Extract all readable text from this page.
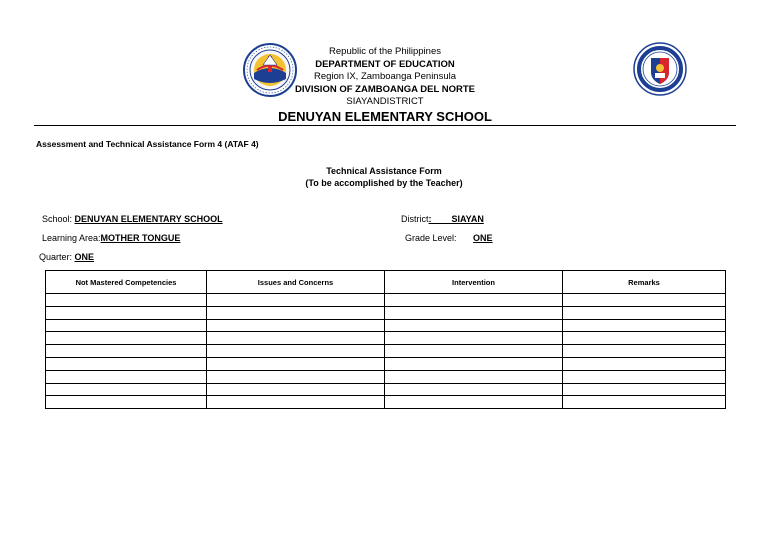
Republic of the Philippines
DEPARTMENT OF EDUCATION
Region IX, Zamboanga Peninsula
DIVISION OF ZAMBOANGA DEL NORTE
SIAYANDISTRICT
DENUYAN ELEMENTARY SCHOOL
Assessment and Technical Assistance Form 4 (ATAF 4)
Technical Assistance Form
(To be accomplished by the Teacher)
School: DENUYAN ELEMENTARY SCHOOL	District:        SIAYAN
Learning Area:MOTHER TONGUE	Grade Level: ONE
Quarter: ONE
Not Mastered Competencies	Issues and Concerns	Intervention	Remarks
